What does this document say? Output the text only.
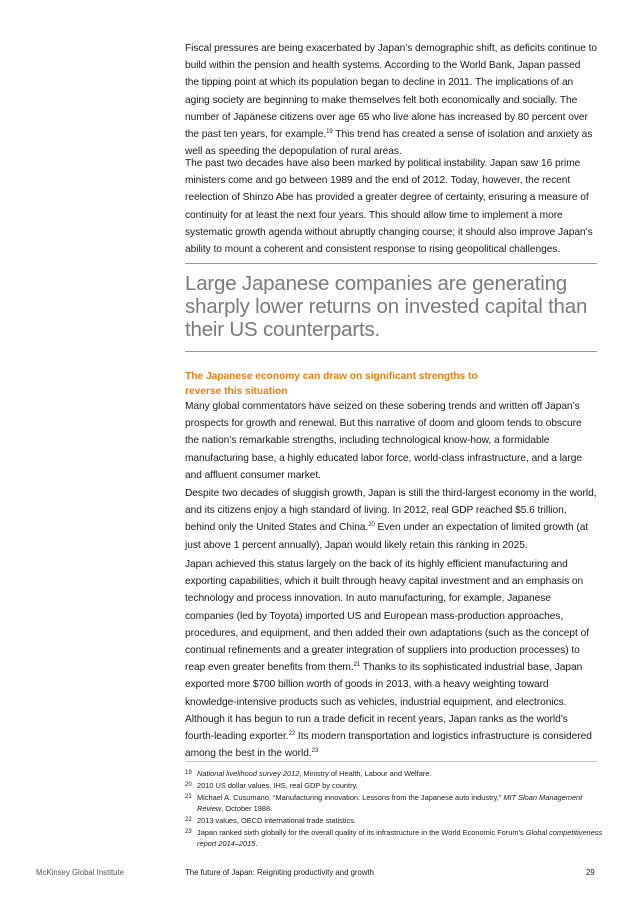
Fiscal pressures are being exacerbated by Japan’s demographic shift, as deficits continue to build within the pension and health systems. According to the World Bank, Japan passed the tipping point at which its population began to decline in 2011. The implications of an aging society are beginning to make themselves felt both economically and socially. The number of Japanese citizens over age 65 who live alone has increased by 80 percent over the past ten years, for example.$^{19}$ This trend has created a sense of isolation and anxiety as well as speeding the depopulation of rural areas.

The past two decades have also been marked by political instability. Japan saw 16 prime ministers come and go between 1989 and the end of 2012. Today, however, the recent reelection of Shinzo Abe has provided a greater degree of certainty, ensuring a measure of continuity for at least the next four years. This should allow time to implement a more systematic growth agenda without abruptly changing course; it should also improve Japan’s ability to mount a coherent and consistent response to rising geopolitical challenges.

Large Japanese companies are generating sharply lower returns on invested capital than their US counterparts.

The Japanese economy can draw on significant strengths to reverse this situation

Many global commentators have seized on these sobering trends and written off Japan’s prospects for growth and renewal. But this narrative of doom and gloom tends to obscure the nation’s remarkable strengths, including technological know-how, a formidable manufacturing base, a highly educated labor force, world-class infrastructure, and a large and affluent consumer market.

Despite two decades of sluggish growth, Japan is still the third-largest economy in the world, and its citizens enjoy a high standard of living. In 2012, real GDP reached $5.6 trillion, behind only the United States and China.$^{20}$ Even under an expectation of limited growth (at just above 1 percent annually), Japan would likely retain this ranking in 2025.

Japan achieved this status largely on the back of its highly efficient manufacturing and exporting capabilities, which it built through heavy capital investment and an emphasis on technology and process innovation. In auto manufacturing, for example, Japanese companies (led by Toyota) imported US and European mass-production approaches, procedures, and equipment, and then added their own adaptations (such as the concept of continual refinements and a greater integration of suppliers into production processes) to reap even greater benefits from them.$^{21}$ Thanks to its sophisticated industrial base, Japan exported more $700 billion worth of goods in 2013, with a heavy weighting toward knowledge-intensive products such as vehicles, industrial equipment, and electronics. Although it has begun to run a trade deficit in recent years, Japan ranks as the world’s fourth-leading exporter.$^{22}$ Its modern transportation and logistics infrastructure is considered among the best in the world.$^{23}$

19 National livelihood survey 2012, Ministry of Health, Labour and Welfare.
20 2010 US dollar values. IHS, real GDP by country.
21 Michael A. Cusumano, “Manufacturing innovation: Lessons from the Japanese auto industry,” MIT Sloan Management Review, October 1988.
22 2013 values, OECD international trade statistics.
23 Japan ranked sixth globally for the overall quality of its infrastructure in the World Economic Forum’s Global competitiveness report 2014–2015.
McKinsey Global Institute	The future of Japan: Reigniting productivity and growth	29
